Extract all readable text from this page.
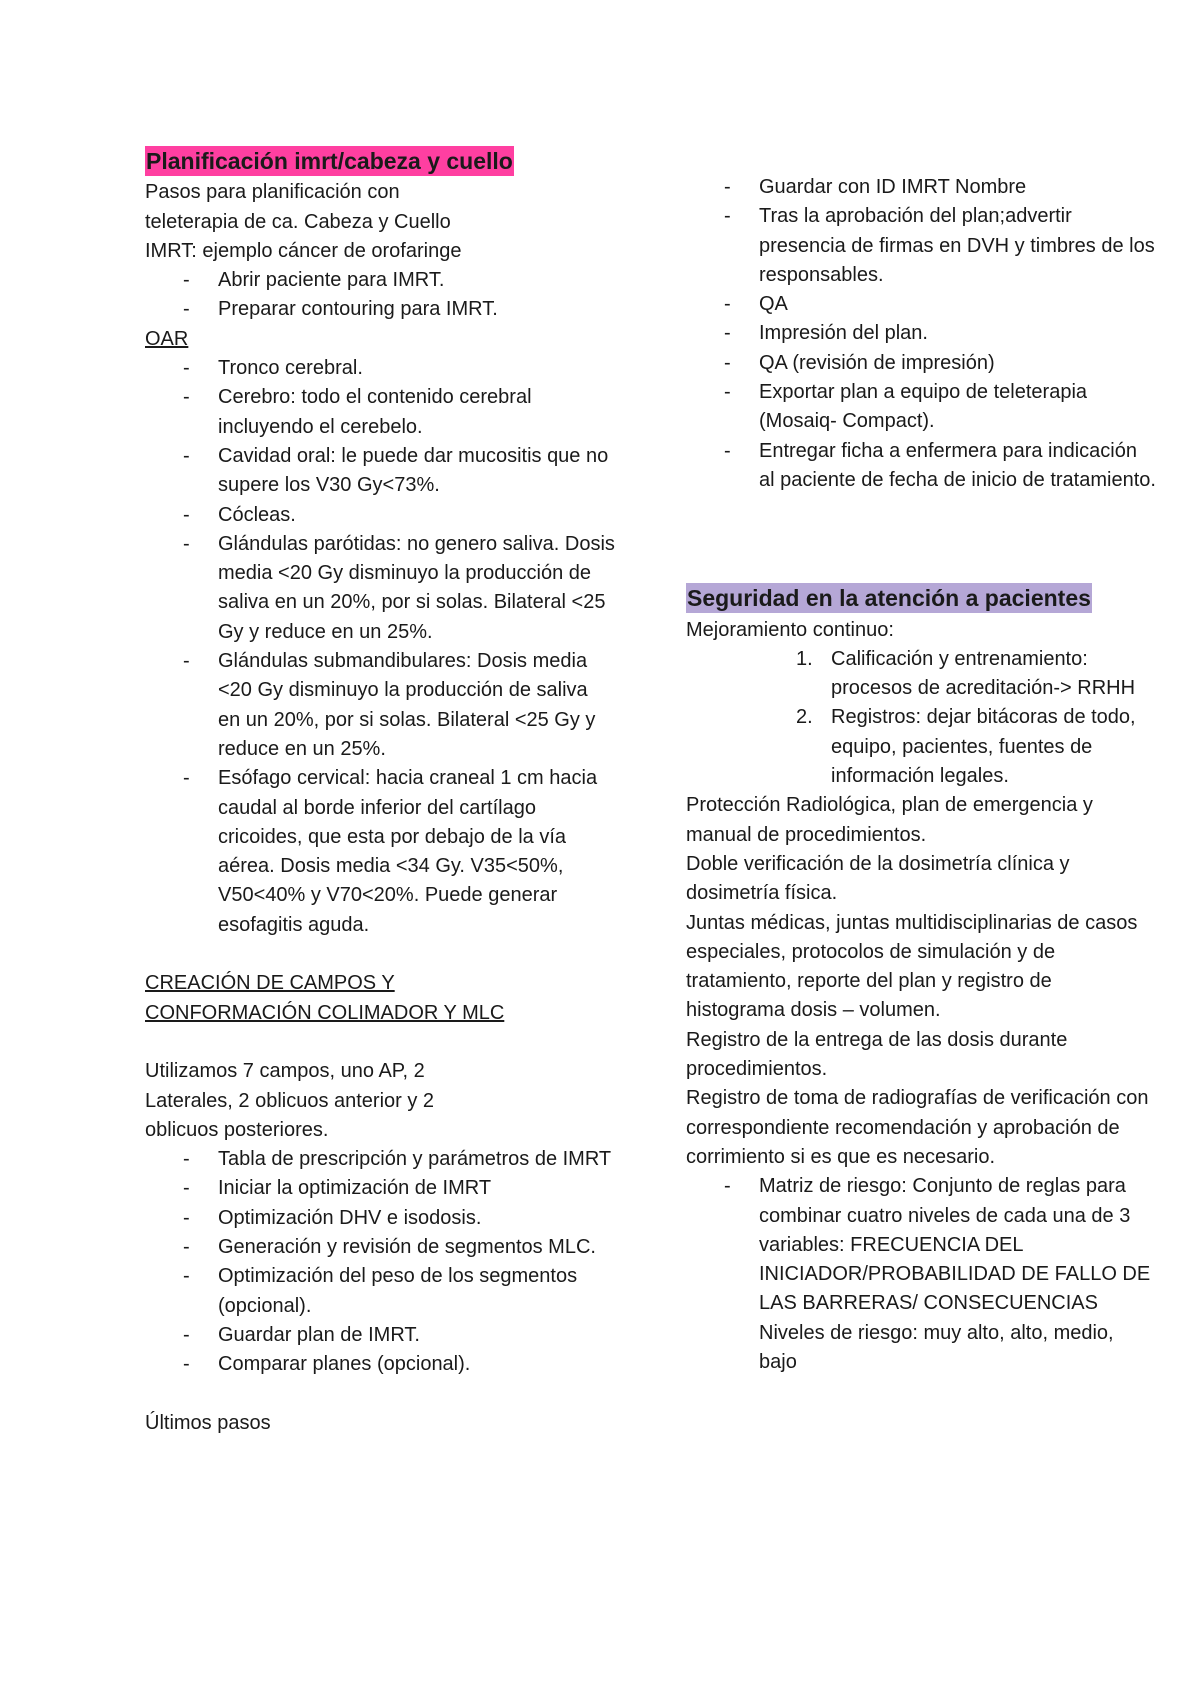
Planificación imrt/cabeza y cuello

Pasos para planificación con

teleterapia de ca. Cabeza y Cuello

IMRT: ejemplo cáncer de orofaringe

- Abrir paciente para IMRT.
- Preparar contouring para IMRT.

OAR

- Tronco cerebral.
- Cerebro: todo el contenido cerebral incluyendo el cerebelo.
- Cavidad oral: le puede dar mucositis que no supere los V30 Gy<73%.
- Cócleas.
- Glándulas parótidas: no genero saliva. Dosis media <20 Gy disminuyo la producción de saliva en un 20%, por si solas. Bilateral <25 Gy y reduce en un 25%.
- Glándulas submandibulares: Dosis media <20 Gy disminuyo la producción de saliva en un 20%, por si solas. Bilateral <25 Gy y reduce en un 25%.
- Esófago cervical: hacia craneal 1 cm hacia caudal al borde inferior del cartílago cricoides, que esta por debajo de la vía aérea. Dosis media <34 Gy. V35<50%, V50<40% y V70<20%. Puede generar esofagitis aguda.

CREACIÓN DE CAMPOS Y

CONFORMACIÓN COLIMADOR Y MLC

Utilizamos 7 campos, uno AP, 2

Laterales, 2 oblicuos anterior y 2

oblicuos posteriores.

- Tabla de prescripción y parámetros de IMRT
- Iniciar la optimización de IMRT
- Optimización DHV e isodosis.
- Generación y revisión de segmentos MLC.
- Optimización del peso de los segmentos (opcional).
- Guardar plan de IMRT.
- Comparar planes (opcional).

Últimos pasos

- Guardar con ID IMRT Nombre
- Tras la aprobación del plan;advertir presencia de firmas en DVH y timbres de los responsables.
- QA
- Impresión del plan.
- QA (revisión de impresión)
- Exportar plan a equipo de teleterapia (Mosaiq- Compact).
- Entregar ficha a enfermera para indicación al paciente de fecha de inicio de tratamiento.
Seguridad en la atención a pacientes

Mejoramiento continuo:

1. Calificación y entrenamiento: procesos de acreditación-> RRHH
2. Registros: dejar bitácoras de todo, equipo, pacientes, fuentes de información legales.

Protección Radiológica, plan de emergencia y manual de procedimientos.

Doble verificación de la dosimetría clínica y dosimetría física.

Juntas médicas, juntas multidisciplinarias de casos especiales, protocolos de simulación y de tratamiento, reporte del plan y registro de histograma dosis – volumen.

Registro de la entrega de las dosis durante procedimientos.

Registro de toma de radiografías de verificación con correspondiente recomendación y aprobación de corrimiento si es que es necesario.

- Matriz de riesgo: Conjunto de reglas para combinar cuatro niveles de cada una de 3 variables: FRECUENCIA DEL INICIADOR/PROBABILIDAD DE FALLO DE LAS BARRERAS/ CONSECUENCIAS

Niveles de riesgo: muy alto, alto, medio, bajo
